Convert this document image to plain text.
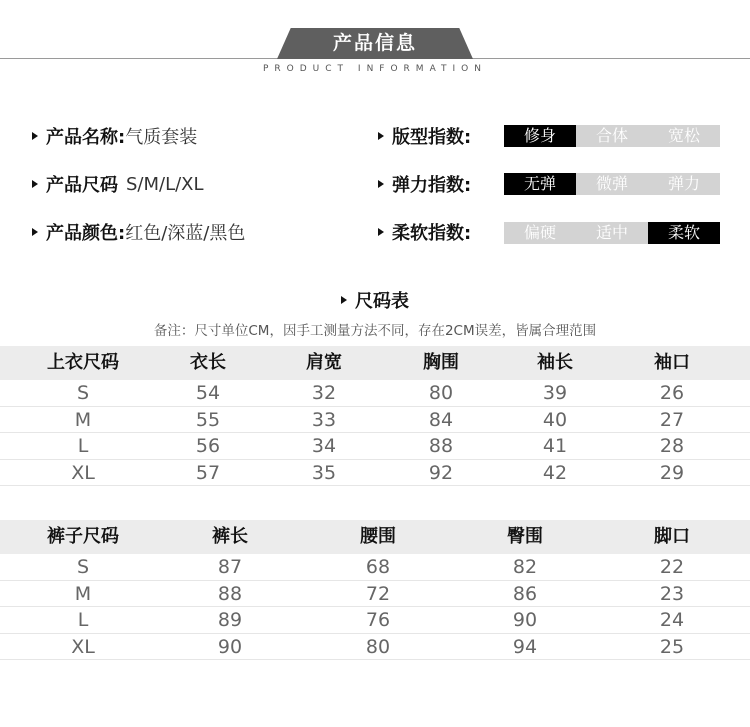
产品信息
PRODUCT INFORMATION
产品名称: 气质套装
产品尺码 S/M/L/XL
产品颜色: 红色/深蓝/黑色
版型指数:	修身	合体	宽松
弹力指数:	无弹	微弹	弹力
柔软指数:	偏硬	适中	柔软
尺码表
备注：尺寸单位CM，因手工测量方法不同，存在2CM误差，皆属合理范围
上衣尺码	衣长	肩宽	胸围	袖长	袖口
S	54	32	80	39	26
M	55	33	84	40	27
L	56	34	88	41	28
XL	57	35	92	42	29
裤子尺码	裤长	腰围	臀围	脚口
S	87	68	82	22
M	88	72	86	23
L	89	76	90	24
XL	90	80	94	25
